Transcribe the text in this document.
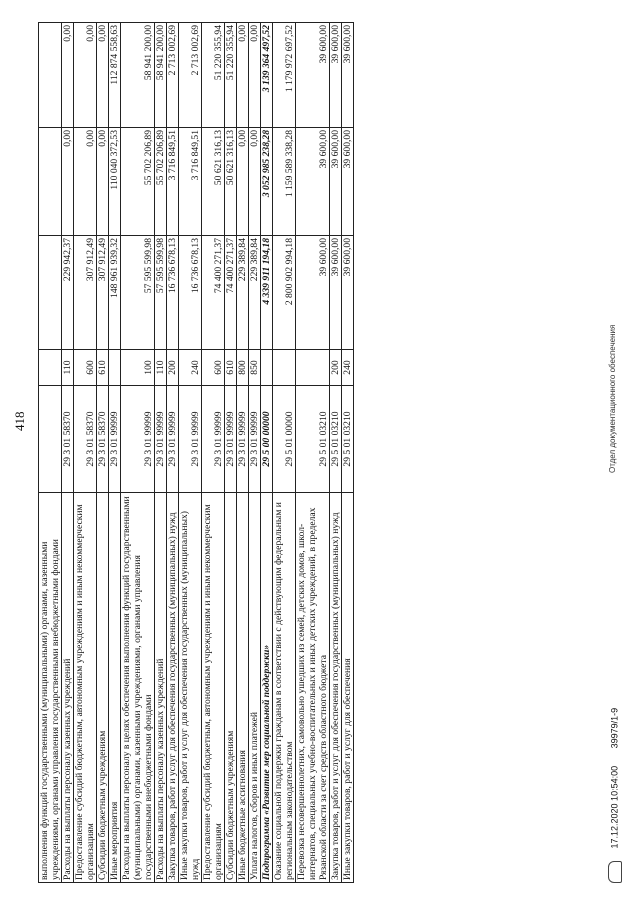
418
выполнения функций государственными (муниципальными) органами, казенными учреждениями, органами управления государственными внебюджетными фондами					
Расходы на выплаты персоналу казенных учреждений	29 3 01 58370	110	229 942,37	0,00	0,00
Предоставление субсидий бюджетным, автономным учреждениям и иным некоммерческим организациям	29 3 01 58370	600	307 912,49	0,00	0,00
Субсидии бюджетным учреждениям	29 3 01 58370	610	307 912,49	0,00	0,00
Иные мероприятия	29 3 01 99999		148 961 939,32	110 040 372,53	112 874 558,63
Расходы на выплаты персоналу в целях обеспечения выполнения функций государственными (муниципальными) органами, казенными учреждениями, органами управления государственными внебюджетными фондами	29 3 01 99999	100	57 595 599,98	55 702 206,89	58 941 200,00
Расходы на выплаты персоналу казенных учреждений	29 3 01 99999	110	57 595 599,98	55 702 206,89	58 941 200,00
Закупка товаров, работ и услуг для обеспечения государственных (муниципальных) нужд	29 3 01 99999	200	16 736 678,13	3 716 849,51	2 713 002,69
Иные закупки товаров, работ и услуг для обеспечения государственных (муниципальных) нужд	29 3 01 99999	240	16 736 678,13	3 716 849,51	2 713 002,69
Предоставление субсидий бюджетным, автономным учреждениям и иным некоммерческим организациям	29 3 01 99999	600	74 400 271,37	50 621 316,13	51 220 355,94
Субсидии бюджетным учреждениям	29 3 01 99999	610	74 400 271,37	50 621 316,13	51 220 355,94
Иные бюджетные ассигнования	29 3 01 99999	800	229 389,84	0,00	0,00
Уплата налогов, сборов и иных платежей	29 3 01 99999	850	229 389,84	0,00	0,00
Подпрограмма «Развитие мер социальной поддержки»	29 5 00 00000		4 339 911 194,18	3 052 985 238,28	3 139 364 497,52
Оказание социальной поддержки гражданам в соответствии с действующим федеральным и региональным законодательством	29 5 01 00000		2 800 902 994,18	1 159 589 338,28	1 179 972 697,52
Перевозка несовершеннолетних, самовольно ушедших из семей, детских домов, школ-интернатов, специальных учебно-воспитательных и иных детских учреждений, в пределах Рязанской области за счет средств областного бюджета	29 5 01 03210		39 600,00	39 600,00	39 600,00
Закупка товаров, работ и услуг для обеспечения государственных (муниципальных) нужд	29 5 01 03210	200	39 600,00	39 600,00	39 600,00
Иные закупки товаров, работ и услуг для обеспечения	29 5 01 03210	240	39 600,00	39 600,00	39 600,00
17.12.2020 10:54:00       39979/1-9
Отдел документационного обеспечения
